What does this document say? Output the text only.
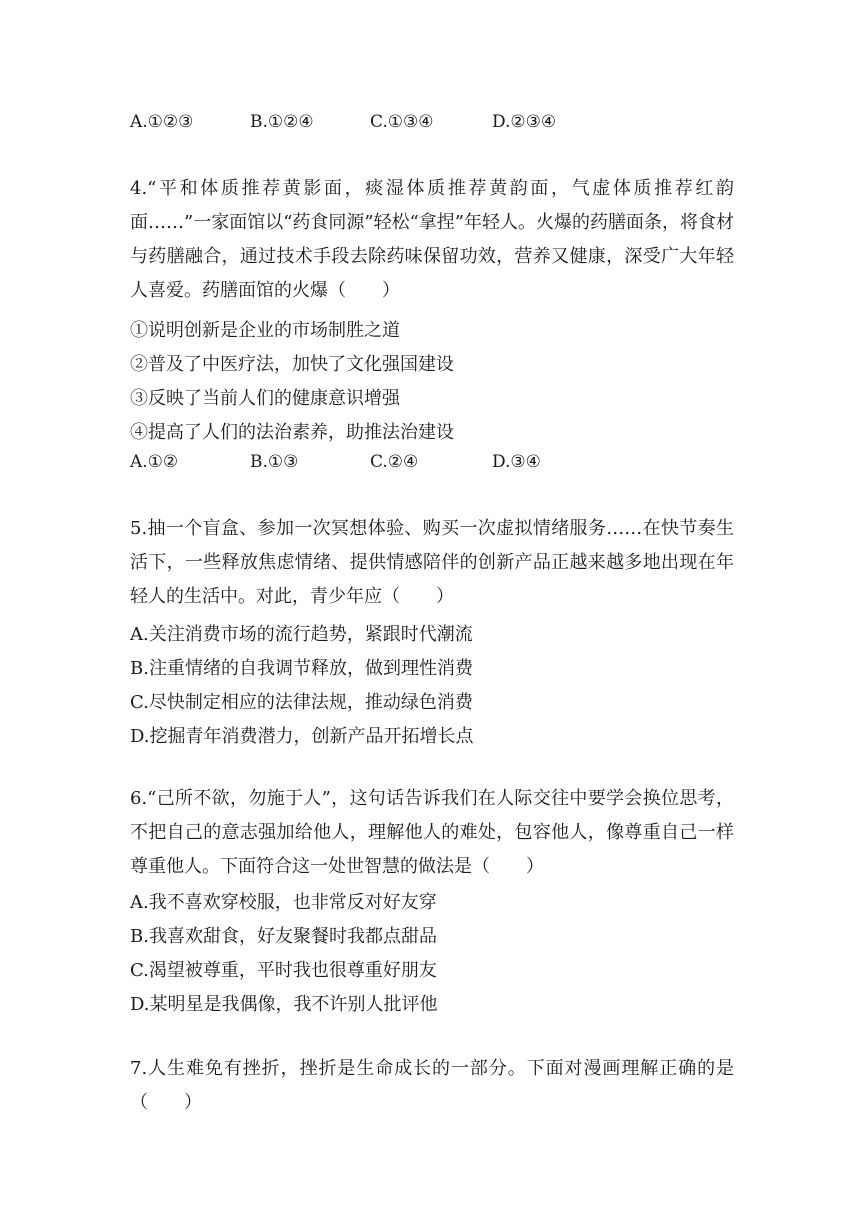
A.①②③	B.①②④	C.①③④	D.②③④
4.“平和体质推荐黄影面，痰湿体质推荐黄韵面，气虚体质推荐红韵面……”一家面馆以“药食同源”轻松“拿捏”年轻人。火爆的药膳面条，将食材与药膳融合，通过技术手段去除药味保留功效，营养又健康，深受广大年轻人喜爱。药膳面馆的火爆（　　）
①说明创新是企业的市场制胜之道
②普及了中医疗法，加快了文化强国建设
③反映了当前人们的健康意识增强
④提高了人们的法治素养，助推法治建设
A.①②	B.①③	C.②④	D.③④
5.抽一个盲盒、参加一次冥想体验、购买一次虚拟情绪服务……在快节奏生活下，一些释放焦虑情绪、提供情感陪伴的创新产品正越来越多地出现在年轻人的生活中。对此，青少年应（　　）
A.关注消费市场的流行趋势，紧跟时代潮流
B.注重情绪的自我调节释放，做到理性消费
C.尽快制定相应的法律法规，推动绿色消费
D.挖掘青年消费潜力，创新产品开拓增长点
6.“己所不欲，勿施于人”，这句话告诉我们在人际交往中要学会换位思考，不把自己的意志强加给他人，理解他人的难处，包容他人，像尊重自己一样尊重他人。下面符合这一处世智慧的做法是（　　）
A.我不喜欢穿校服，也非常反对好友穿
B.我喜欢甜食，好友聚餐时我都点甜品
C.渴望被尊重，平时我也很尊重好朋友
D.某明星是我偶像，我不许别人批评他
7.人生难免有挫折，挫折是生命成长的一部分。下面对漫画理解正确的是（　　）
